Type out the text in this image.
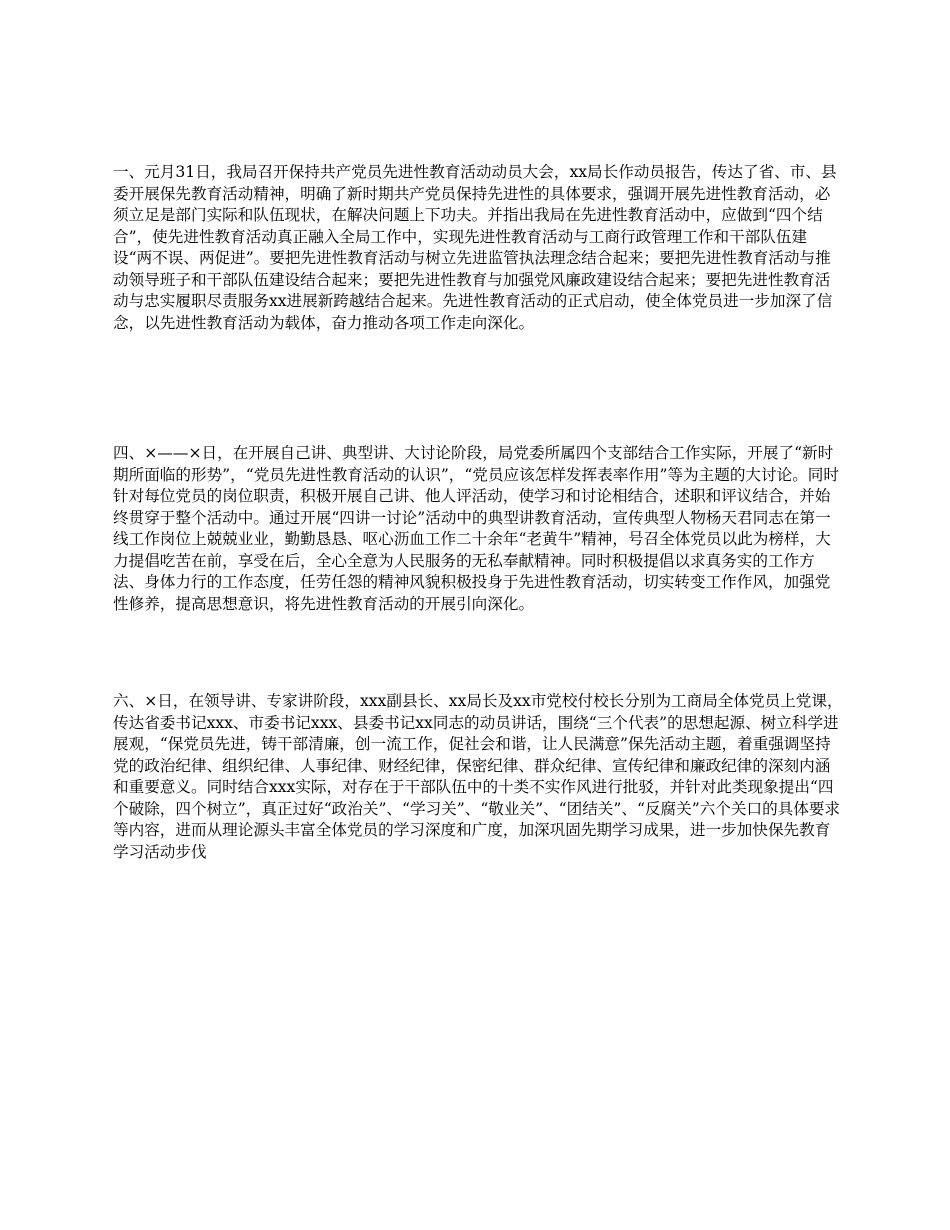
一、元月31日，我局召开保持共产党员先进性教育活动动员大会，xx局长作动员报告，传达了省、市、县委开展保先教育活动精神，明确了新时期共产党员保持先进性的具体要求，强调开展先进性教育活动，必须立足是部门实际和队伍现状，在解决问题上下功夫。并指出我局在先进性教育活动中，应做到“四个结合”，使先进性教育活动真正融入全局工作中，实现先进性教育活动与工商行政管理工作和干部队伍建设“两不误、两促进”。要把先进性教育活动与树立先进监管执法理念结合起来；要把先进性教育活动与推动领导班子和干部队伍建设结合起来；要把先进性教育与加强党风廉政建设结合起来；要把先进性教育活动与忠实履职尽责服务xx进展新跨越结合起来。先进性教育活动的正式启动，使全体党员进一步加深了信念，以先进性教育活动为载体，奋力推动各项工作走向深化。

四、×——×日，在开展自己讲、典型讲、大讨论阶段，局党委所属四个支部结合工作实际，开展了“新时期所面临的形势”，“党员先进性教育活动的认识”，“党员应该怎样发挥表率作用”等为主题的大讨论。同时针对每位党员的岗位职责，积极开展自己讲、他人评活动，使学习和讨论相结合，述职和评议结合，并始终贯穿于整个活动中。通过开展“四讲一讨论”活动中的典型讲教育活动，宣传典型人物杨天君同志在第一线工作岗位上兢兢业业，勤勤恳恳、呕心沥血工作二十余年“老黄牛”精神，号召全体党员以此为榜样，大力提倡吃苦在前，享受在后，全心全意为人民服务的无私奉献精神。同时积极提倡以求真务实的工作方法、身体力行的工作态度，任劳任怨的精神风貌积极投身于先进性教育活动，切实转变工作作风，加强党性修养，提高思想意识，将先进性教育活动的开展引向深化。

六、×日，在领导讲、专家讲阶段，xxx副县长、xx局长及xx市党校付校长分别为工商局全体党员上党课，传达省委书记xxx、市委书记xxx、县委书记xx同志的动员讲话，围绕“三个代表”的思想起源、树立科学进展观，“保党员先进，铸干部清廉，创一流工作，促社会和谐，让人民满意”保先活动主题，着重强调坚持党的政治纪律、组织纪律、人事纪律、财经纪律，保密纪律、群众纪律、宣传纪律和廉政纪律的深刻内涵和重要意义。同时结合xxx实际，对存在于干部队伍中的十类不实作风进行批驳，并针对此类现象提出“四个破除，四个树立”，真正过好“政治关”、“学习关”、“敬业关”、“团结关”、“反腐关”六个关口的具体要求等内容，进而从理论源头丰富全体党员的学习深度和广度，加深巩固先期学习成果，进一步加快保先教育学习活动步伐
